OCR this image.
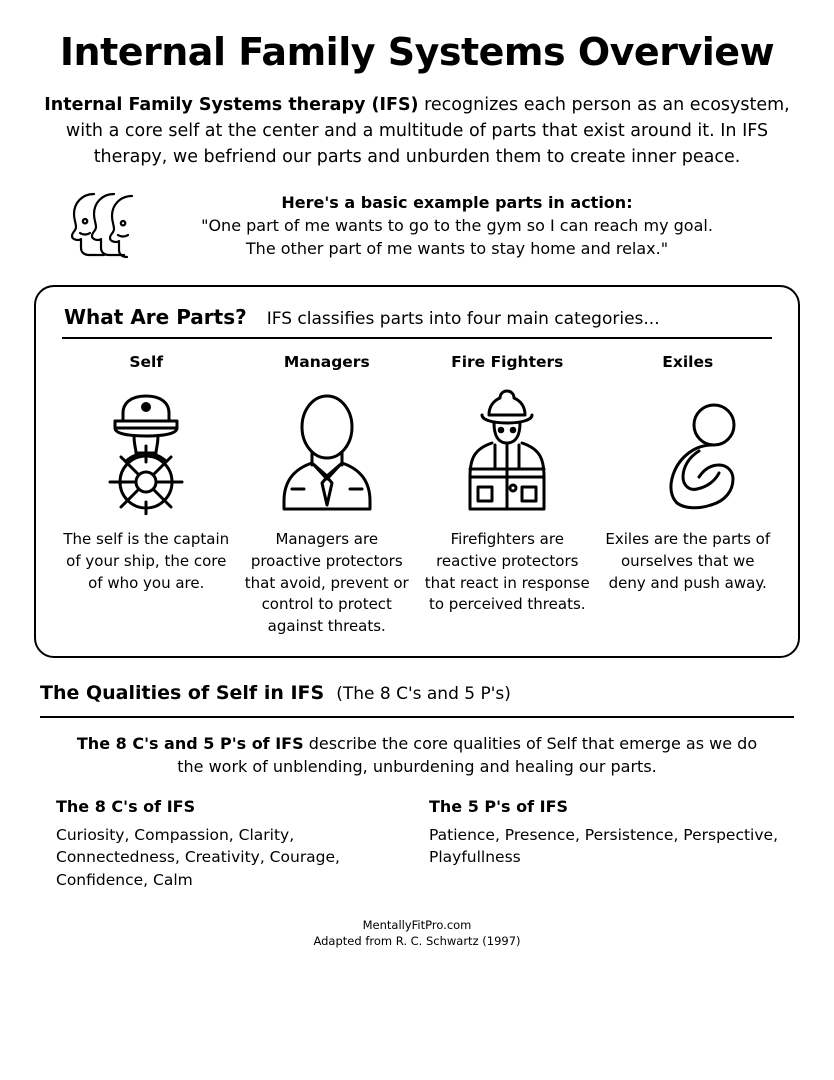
Internal Family Systems Overview

Internal Family Systems therapy (IFS) recognizes each person as an ecosystem, with a core self at the center and a multitude of parts that exist around it. In IFS therapy, we befriend our parts and unburden them to create inner peace.

Here's a basic example parts in action:
"One part of me wants to go to the gym so I can reach my goal.
The other part of me wants to stay home and relax."
What Are Parts? IFS classifies parts into four main categories...
Self
The self is the captain of your ship, the core of who you are.
Managers
Managers are proactive protectors that avoid, prevent or control to protect against threats.
Fire Fighters
Firefighters are reactive protectors that react in response to perceived threats.
Exiles
Exiles are the parts of ourselves that we deny and push away.
The Qualities of Self in IFS (The 8 C's and 5 P's)

The 8 C's and 5 P's of IFS describe the core qualities of Self that emerge as we do the work of unblending, unburdening and healing our parts.

The 8 C's of IFS

Curiosity, Compassion, Clarity, Connectedness, Creativity, Courage, Confidence, Calm

The 5 P's of IFS

Patience, Presence, Persistence, Perspective, Playfullness

MentallyFitPro.com
Adapted from R. C. Schwartz (1997)
